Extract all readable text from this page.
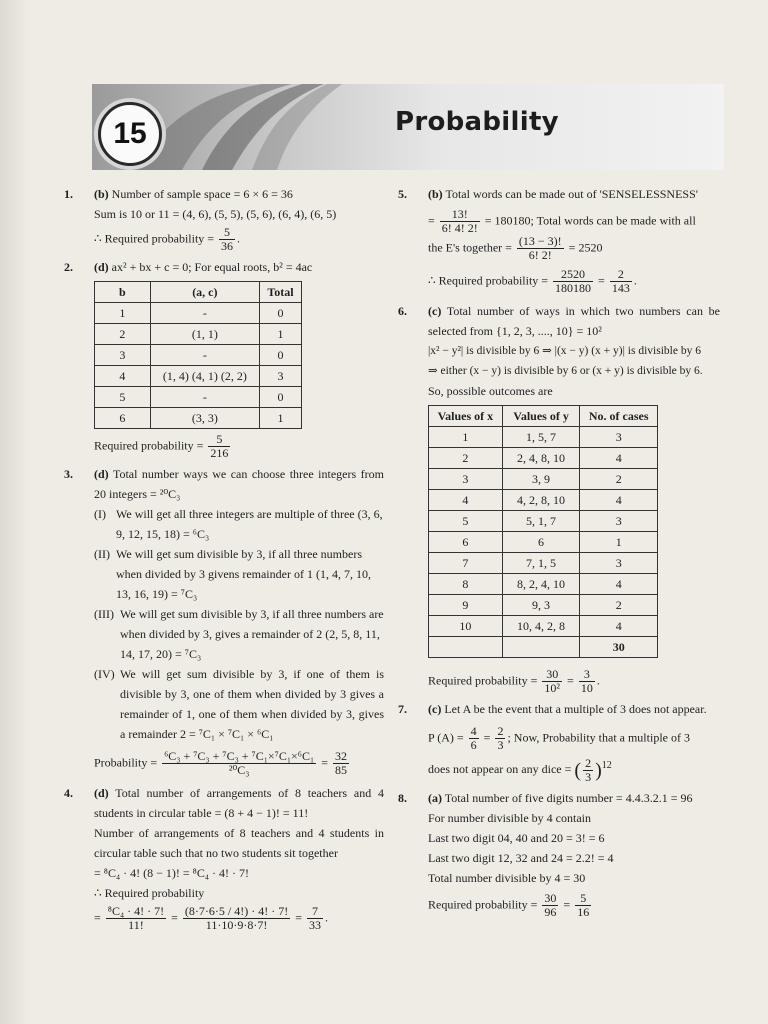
15	Probability
1. (b) Number of sample space = 6 × 6 = 36
Sum is 10 or 11 = (4, 6), (5, 5), (5, 6), (6, 4), (6, 5)
∴ Required probability = $\frac{5}{36}$ .
2. (d) ax² + bx + c = 0; For equal roots, b² = 4ac
b	(a, c)	Total
1	-	0
2	(1, 1)	1
3	-	0
4	(1, 4) (4, 1) (2, 2)	3
5	-	0
6	(3, 3)	1
Required probability = $\frac{5}{216}$
3. (d) Total number ways we can choose three integers from 20 integers = ²⁰C₃
(I) We will get all three integers are multiple of three (3, 6, 9, 12, 15, 18) = ⁶C₃
(II) We will get sum divisible by 3, if all three numbers when divided by 3 givens remainder of 1 (1, 4, 7, 10, 13, 16, 19) = ⁷C₃
(III) We will get sum divisible by 3, if all three numbers are when divided by 3, gives a remainder of 2 (2, 5, 8, 11, 14, 17, 20) = ⁷C₃
(IV) We will get sum divisible by 3, if one of them is divisible by 3, one of them when divided by 3 gives a remainder of 1, one of them when divided by 3, gives a remainder 2 = ⁷C₁ × ⁷C₁ × ⁶C₁
Probability = $\frac{\text{⁶C₃ + ⁷C₃ + ⁷C₃ + ⁷C₁×⁷C₁×⁶C₁}}{\text{²⁰C₃}} = \frac{32}{85}$
4. (d) Total number of arrangements of 8 teachers and 4 students in circular table = (8 + 4 − 1)! = 11!
Number of arrangements of 8 teachers and 4 students in circular table such that no two students sit together
= ⁸C₄ · 4! (8 − 1)! = ⁸C₄ · 4! · 7!
∴ Required probability
= $\frac{\text{⁸C₄ · 4! · 7!}}{11!} = \frac{(8\cdot 7\cdot 6\cdot 5 / 4!) \cdot 4! \cdot 7!}{11\cdot 10\cdot 9\cdot 8\cdot 7!} = \frac{7}{33}$ .
5. (b) Total words can be made out of 'SENSELESSNESS'
= $\frac{13!}{6! 4! 2!} = 180180$; Total words can be made with all
the E's together = $\frac{(13 - 3)!}{6! 2!} = 2520$
∴ Required probability = $\frac{2520}{180180} = \frac{2}{143}$ .
6. (c) Total number of ways in which two numbers can be selected from {1, 2, 3, ...., 10} = 10²
|x² − y²| is divisible by 6 ⇒ |(x − y) (x + y)| is divisible by 6
⇒ either (x − y) is divisible by 6 or (x + y) is divisible by 6.
So, possible outcomes are
Values of x	Values of y	No. of cases
1	1, 5, 7	3
2	2, 4, 8, 10	4
3	3, 9	2
4	4, 2, 8, 10	4
5	5, 1, 7	3
6	6	1
7	7, 1, 5	3
8	8, 2, 4, 10	4
9	9, 3	2
10	10, 4, 2, 8	4
		30
Required probability = $\frac{30}{\text{10²}} = \frac{3}{10}$ .
7. (c) Let A be the event that a multiple of 3 does not appear.
P $(A) = \frac{4}{6} = \frac{2}{3}$ ; Now, Probability that a multiple of 3
does not appear on any dice = ( $\frac{2}{3} )^{12}$
8. (a) Total number of five digits number = 4.4.3.2.1 = 96
For number divisible by 4 contain
Last two digit 04, 40 and 20 = 3! = 6
Last two digit 12, 32 and 24 = 2.2! = 4
Total number divisible by 4 = 30
Required probability = $\frac{30}{96} = \frac{5}{16}$
